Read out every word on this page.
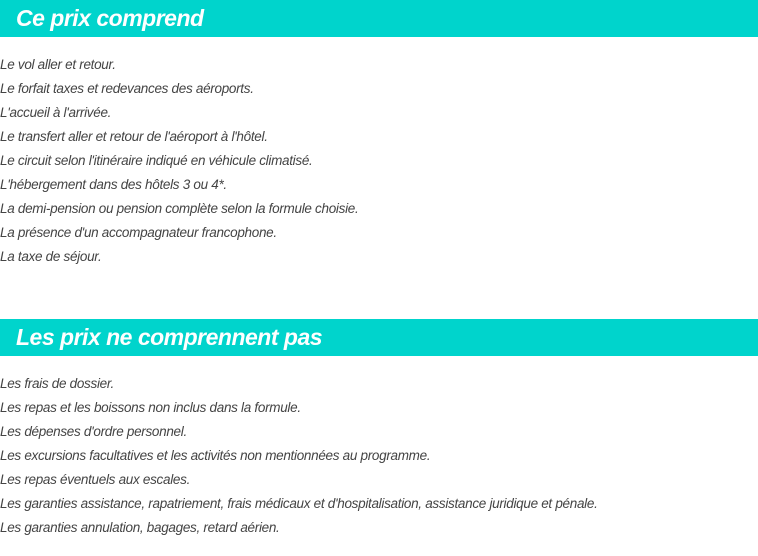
Ce prix comprend
Le vol aller et retour.
Le forfait taxes et redevances des aéroports.
L'accueil à l'arrivée.
Le transfert aller et retour de l'aéroport à l'hôtel.
Le circuit selon l'itinéraire indiqué en véhicule climatisé.
L'hébergement dans des hôtels 3 ou 4*.
La demi-pension ou pension complète selon la formule choisie.
La présence d'un accompagnateur francophone.
La taxe de séjour.
Les prix ne comprennent pas
Les frais de dossier.
Les repas et les boissons non inclus dans la formule.
Les dépenses d'ordre personnel.
Les excursions facultatives et les activités non mentionnées au programme.
Les repas éventuels aux escales.
Les garanties assistance, rapatriement, frais médicaux et d'hospitalisation, assistance juridique et pénale.
Les garanties annulation, bagages, retard aérien.
